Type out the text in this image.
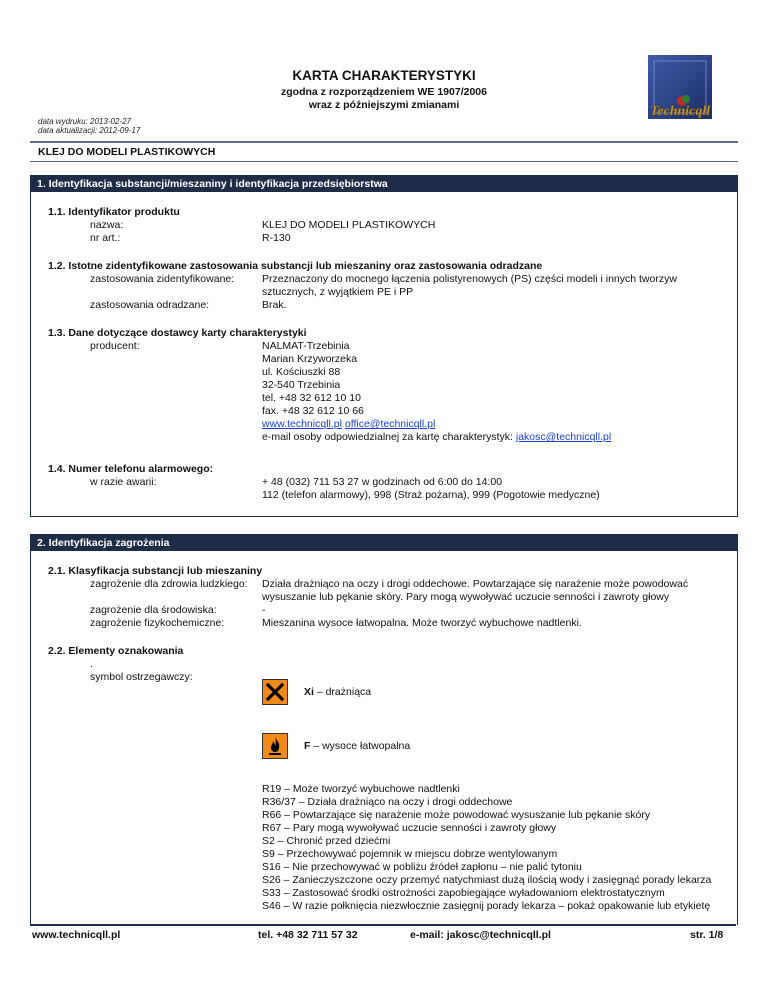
KARTA CHARAKTERYSTYKI
zgodna z rozporządzeniem WE 1907/2006
wraz z późniejszymi zmianami
data wydruku: 2013-02-27
data aktualizacji: 2012-09-17
Technicqll
KLEJ DO MODELI PLASTIKOWYCH
1. Identyfikacja substancji/mieszaniny i identyfikacja przedsiębiorstwa
1.1. Identyfikator produktu
nazwa:	KLEJ DO MODELI PLASTIKOWYCH
nr art.:	R-130
1.2. Istotne zidentyfikowane zastosowania substancji lub mieszaniny oraz zastosowania odradzane
zastosowania zidentyfikowane:	Przeznaczony do mocnego łączenia polistyrenowych (PS) części modeli i innych tworzyw
sztucznych, z wyjątkiem PE i PP
zastosowania odradzane:	Brak.
1.3. Dane dotyczące dostawcy karty charakterystyki
producent:	NALMAT-Trzebinia
Marian Krzyworzeka
ul. Kościuszki 88
32-540 Trzebinia
tel. +48 32 612 10 10
fax. +48 32 612 10 66
www.technicqll.pl office@technicqll.pl
e-mail osoby odpowiedzialnej za kartę charakterystyk: jakosc@technicqll.pl
1.4. Numer telefonu alarmowego:
w razie awarii:	+ 48 (032) 711 53 27 w godzinach od 6:00 do 14:00
112 (telefon alarmowy), 998 (Straż pożarna), 999 (Pogotowie medyczne)
2. Identyfikacja zagrożenia
2.1. Klasyfikacja substancji lub mieszaniny
zagrożenie dla zdrowia ludzkiego: Działa drażniąco na oczy i drogi oddechowe. Powtarzające się narażenie może powodować
wysuszanie lub pękanie skóry. Pary mogą wywoływać uczucie senności i zawroty głowy
zagrożenie dla środowiska:	-
zagrożenie fizykochemiczne:	Mieszanina wysoce łatwopalna. Może tworzyć wybuchowe nadtlenki.
2.2. Elementy oznakowania
.
symbol ostrzegawczy:
Xi – drażniąca
F – wysoce łatwopalna
R19 – Może tworzyć wybuchowe nadtlenki
R36/37 – Działa drażniąco na oczy i drogi oddechowe
R66 – Powtarzające się narażenie może powodować wysuszanie lub pękanie skóry
R67 – Pary mogą wywoływać uczucie senności i zawroty głowy
S2 – Chronić przed dziećmi
S9 – Przechowywać pojemnik w miejscu dobrze wentylowanym
S16 – Nie przechowywać w pobliżu źródeł zapłonu – nie palić tytoniu
S26 – Zanieczyszczone oczy przemyć natychmiast dużą ilością wody i zasięgnąć porady lekarza
S33 – Zastosować środki ostrożności zapobiegające wyładowaniom elektrostatycznym
S46 – W razie połknięcia niezwłocznie zasięgnij porady lekarza – pokaż opakowanie lub etykietę
www.technicqll.pl	tel. +48 32 711 57 32	e-mail: jakosc@technicqll.pl	str. 1/8
